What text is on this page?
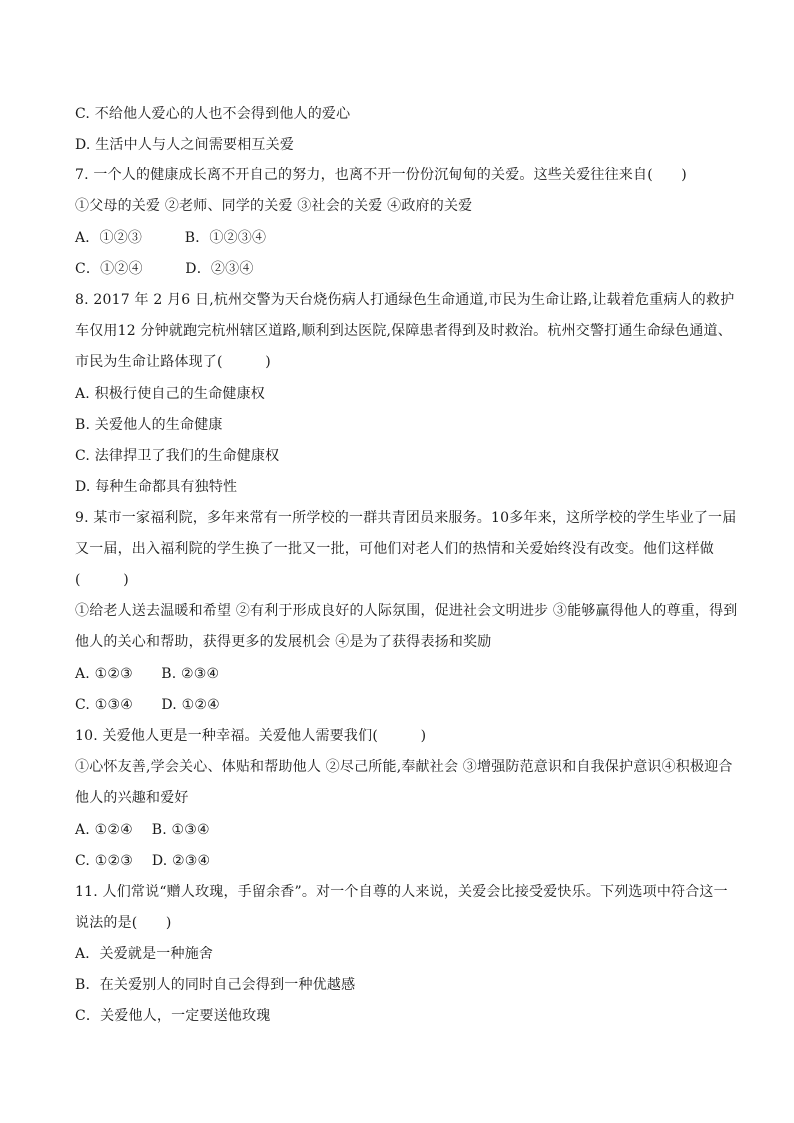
C. 不给他人爱心的人也不会得到他人的爱心
D. 生活中人与人之间需要相互关爱
7. 一个人的健康成长离不开自己的努力，也离不开一份份沉甸甸的关爱。这些关爱往往来自(　　)
①父母的关爱 ②老师、同学的关爱 ③社会的关爱 ④政府的关爱
A．①②③　　　B．①②③④
C．①②④　　　D．②③④
8. 2017 年 2 月6 日,杭州交警为天台烧伤病人打通绿色生命通道,市民为生命让路,让载着危重病人的救护
车仅用12 分钟就跑完杭州辖区道路,顺利到达医院,保障患者得到及时救治。杭州交警打通生命绿色通道、
市民为生命让路体现了(　　　)
A. 积极行使自己的生命健康权
B. 关爱他人的生命健康
C. 法律捍卫了我们的生命健康权
D. 每种生命都具有独特性
9. 某市一家福利院，多年来常有一所学校的一群共青团员来服务。10多年来，这所学校的学生毕业了一届
又一届，出入福利院的学生换了一批又一批，可他们对老人们的热情和关爱始终没有改变。他们这样做
(　　　)
①给老人送去温暖和希望 ②有利于形成良好的人际氛围，促进社会文明进步 ③能够赢得他人的尊重，得到
他人的关心和帮助，获得更多的发展机会 ④是为了获得表扬和奖励
A. ①②③　　B. ②③④
C. ①③④　　D. ①②④
10. 关爱他人更是一种幸福。关爱他人需要我们(　　　)
①心怀友善,学会关心、体贴和帮助他人 ②尽己所能,奉献社会 ③增强防范意识和自我保护意识④积极迎合
他人的兴趣和爱好
A. ①②④　 B. ①③④
C. ①②③　 D. ②③④
11. 人们常说“赠人玫瑰，手留余香”。对一个自尊的人来说，关爱会比接受爱快乐。下列选项中符合这一
说法的是(　　)
A．关爱就是一种施舍
B．在关爱别人的同时自己会得到一种优越感
C．关爱他人，一定要送他玫瑰
